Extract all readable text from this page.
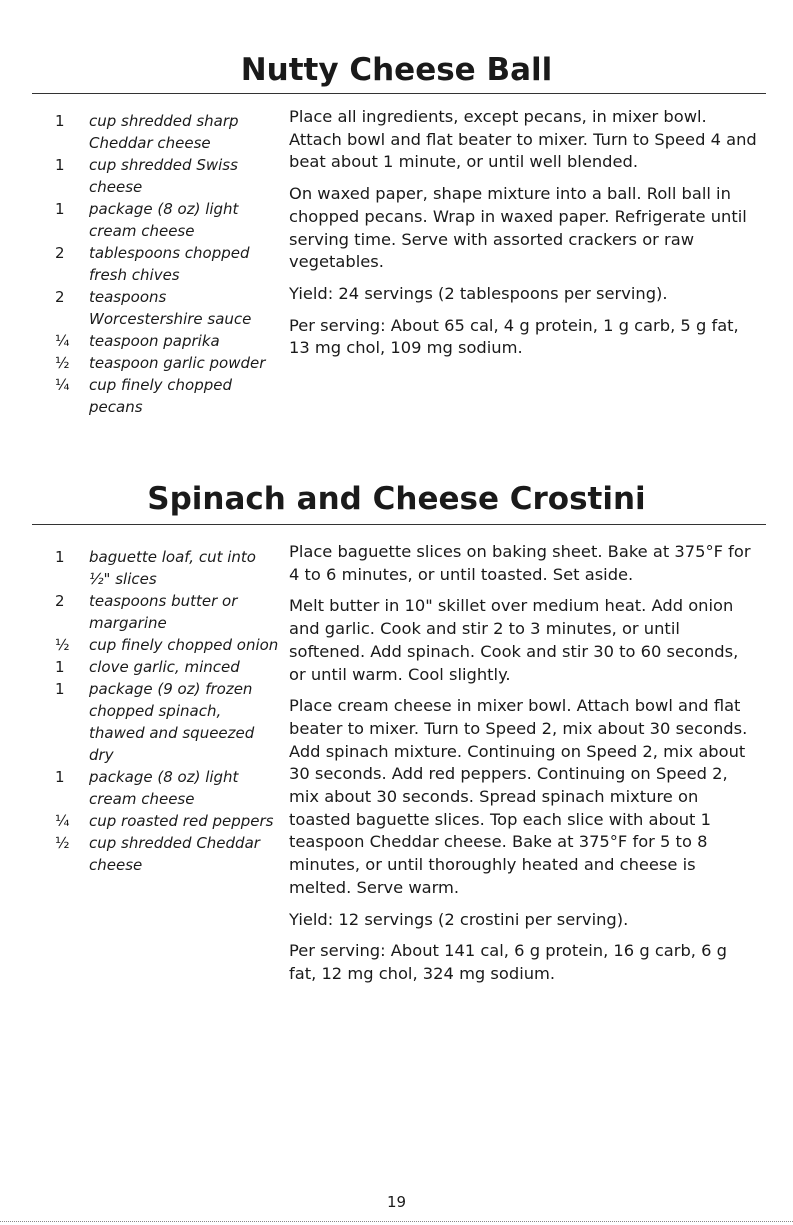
Nutty Cheese Ball
1	cup shredded sharp Cheddar cheese
1	cup shredded Swiss cheese
1	package (8 oz) light cream cheese
2	tablespoons chopped fresh chives
2	teaspoons Worcestershire sauce
¼	teaspoon paprika
½	teaspoon garlic powder
¼	cup finely chopped pecans

Place all ingredients, except pecans, in mixer bowl. Attach bowl and flat beater to mixer. Turn to Speed 4 and beat about 1 minute, or until well blended.

On waxed paper, shape mixture into a ball. Roll ball in chopped pecans. Wrap in waxed paper. Refrigerate until serving time. Serve with assorted crackers or raw vegetables.

Yield: 24 servings (2 tablespoons per serving).

Per serving: About 65 cal, 4 g protein, 1 g carb, 5 g fat, 13 mg chol, 109 mg sodium.

Spinach and Cheese Crostini
1	baguette loaf, cut into ½" slices
2	teaspoons butter or margarine
½	cup finely chopped onion
1	clove garlic, minced
1	package (9 oz) frozen chopped spinach, thawed and squeezed dry
1	package (8 oz) light cream cheese
¼	cup roasted red peppers
½	cup shredded Cheddar cheese

Place baguette slices on baking sheet. Bake at 375°F for 4 to 6 minutes, or until toasted. Set aside.

Melt butter in 10" skillet over medium heat. Add onion and garlic. Cook and stir 2 to 3 minutes, or until softened. Add spinach. Cook and stir 30 to 60 seconds, or until warm. Cool slightly.

Place cream cheese in mixer bowl. Attach bowl and flat beater to mixer. Turn to Speed 2, mix about 30 seconds. Add spinach mixture. Continuing on Speed 2, mix about 30 seconds. Add red peppers. Continuing on Speed 2, mix about 30 seconds. Spread spinach mixture on toasted baguette slices. Top each slice with about 1 teaspoon Cheddar cheese. Bake at 375°F for 5 to 8 minutes, or until thoroughly heated and cheese is melted. Serve warm.

Yield: 12 servings (2 crostini per serving).

Per serving: About 141 cal, 6 g protein, 16 g carb, 6 g fat, 12 mg chol, 324 mg sodium.

19
